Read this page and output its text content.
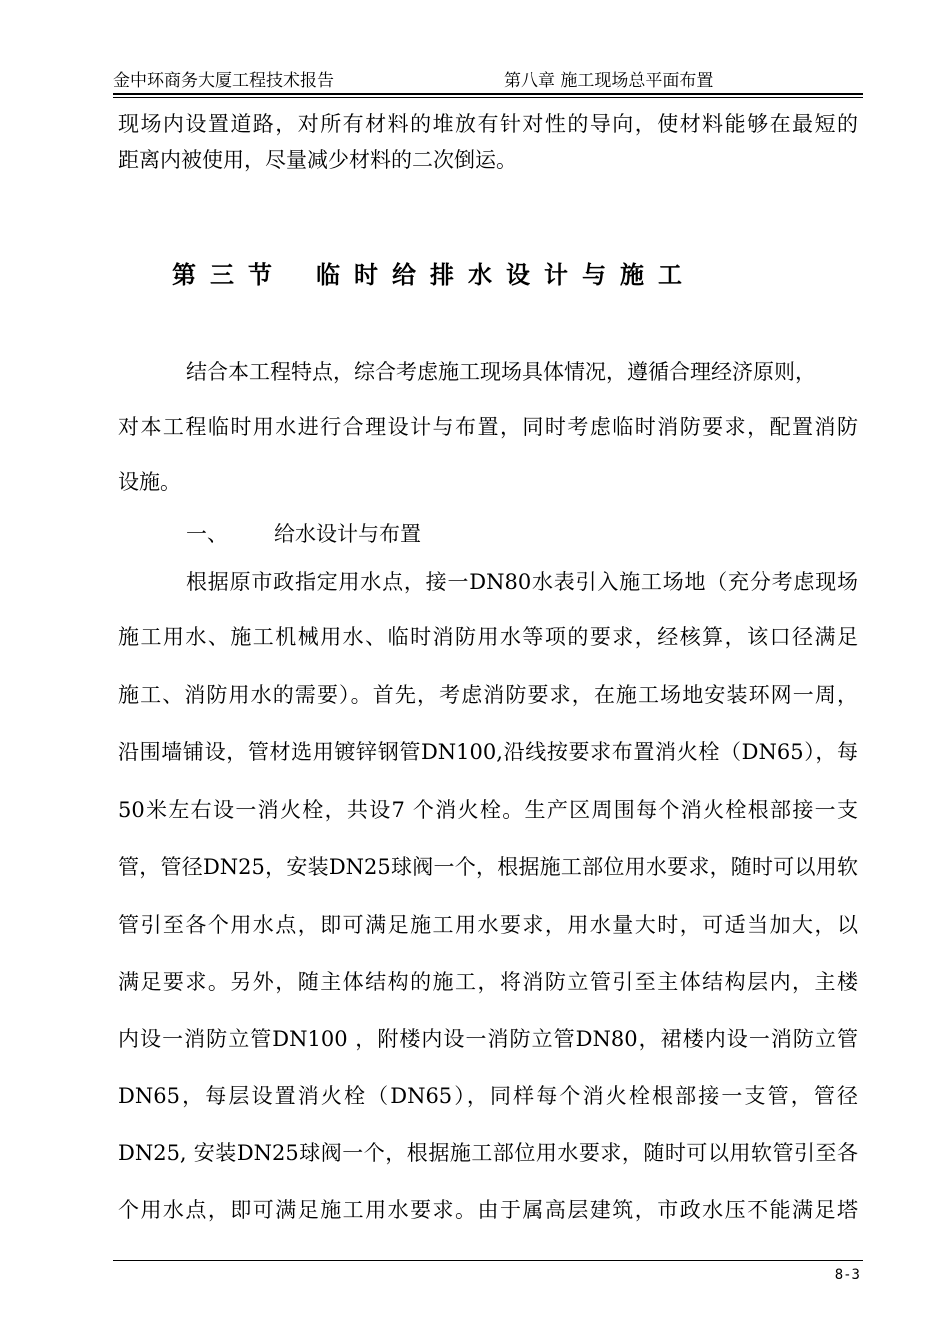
金中环商务大厦工程技术报告	第八章 施工现场总平面布置
现场内设置道路，对所有材料的堆放有针对性的导向，使材料能够在最短的
距离内被使用，尽量减少材料的二次倒运。
第三节 临时给排水设计与施工
结合本工程特点，综合考虑施工现场具体情况，遵循合理经济原则，
对本工程临时用水进行合理设计与布置，同时考虑临时消防要求，配置消防
设施。
一、 给水设计与布置
根据原市政指定用水点，接一DN80水表引入施工场地（充分考虑现场
施工用水、施工机械用水、临时消防用水等项的要求，经核算，该口径满足
施工、消防用水的需要）。首先，考虑消防要求，在施工场地安装环网一周，
沿围墙铺设，管材选用镀锌钢管DN100,沿线按要求布置消火栓（DN65），每
50米左右设一消火栓，共设7 个消火栓。生产区周围每个消火栓根部接一支
管，管径DN25，安装DN25球阀一个，根据施工部位用水要求，随时可以用软
管引至各个用水点，即可满足施工用水要求，用水量大时，可适当加大，以
满足要求。另外，随主体结构的施工，将消防立管引至主体结构层内，主楼
内设一消防立管DN100 ，附楼内设一消防立管DN80，裙楼内设一消防立管
DN65，每层设置消火栓（DN65），同样每个消火栓根部接一支管，管径
DN25, 安装DN25球阀一个，根据施工部位用水要求，随时可以用软管引至各
个用水点，即可满足施工用水要求。由于属高层建筑，市政水压不能满足塔
8-3
